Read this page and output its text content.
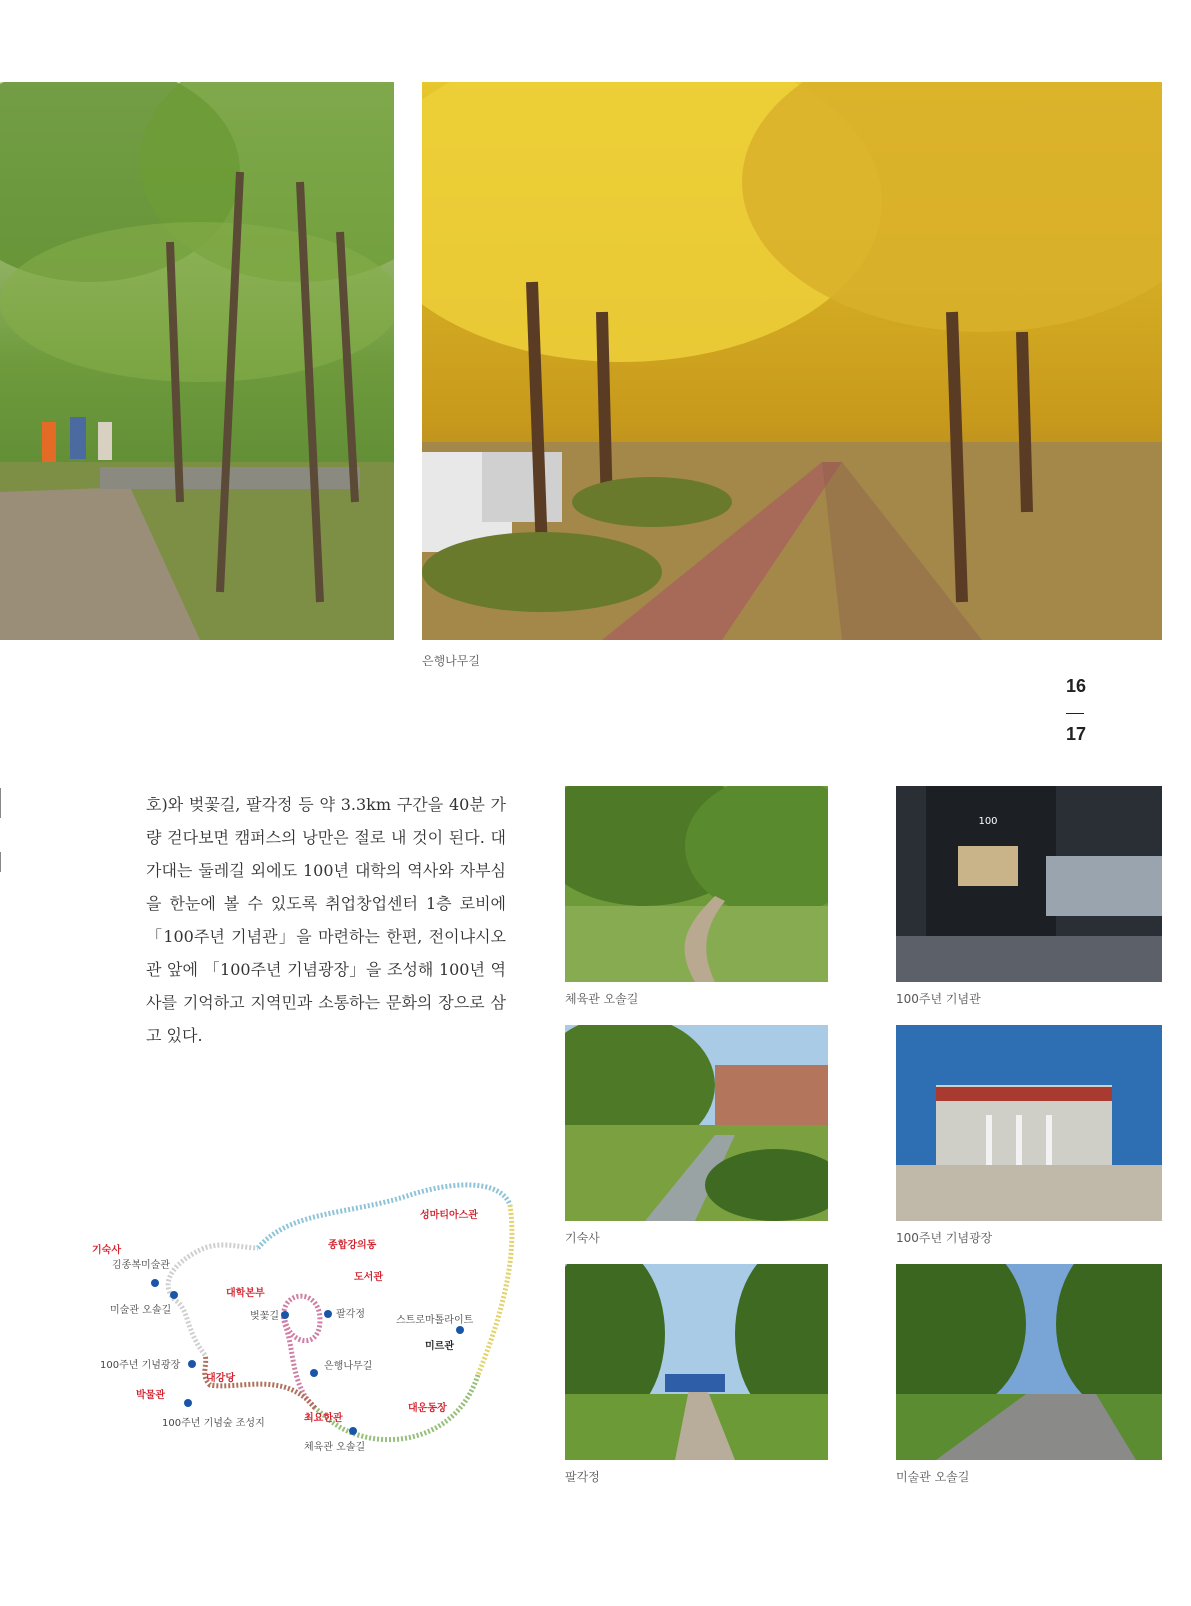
은행나무길
16
17

호)와 벚꽃길, 팔각정 등 약 3.3km 구간을 40분 가량 걷다보면 캠퍼스의 낭만은 절로 내 것이 된다. 대가대는 둘레길 외에도 100년 대학의 역사와 자부심을 한눈에 볼 수 있도록 취업창업센터 1층 로비에 「100주년 기념관」을 마련하는 한편, 전이냐시오관 앞에 「100주년 기념광장」을 조성해 100년 역사를 기억하고 지역민과 소통하는 문화의 장으로 삼고 있다.

체육관 오솔길
100
100주년 기념관
기숙사	100주년 기념광장
팔각정	미술관 오솔길
기숙사	종합강의동
성마티아스관
도서관
대학본부
대강당
박물관
최요한관
대운동장
미르관
김종복미술관
미술관 오솔길
벚꽃길	팔각정
스트로마톨라이트
100주년 기념광장	은행나무길
100주년 기념숲 조성지
체육관 오솔길
